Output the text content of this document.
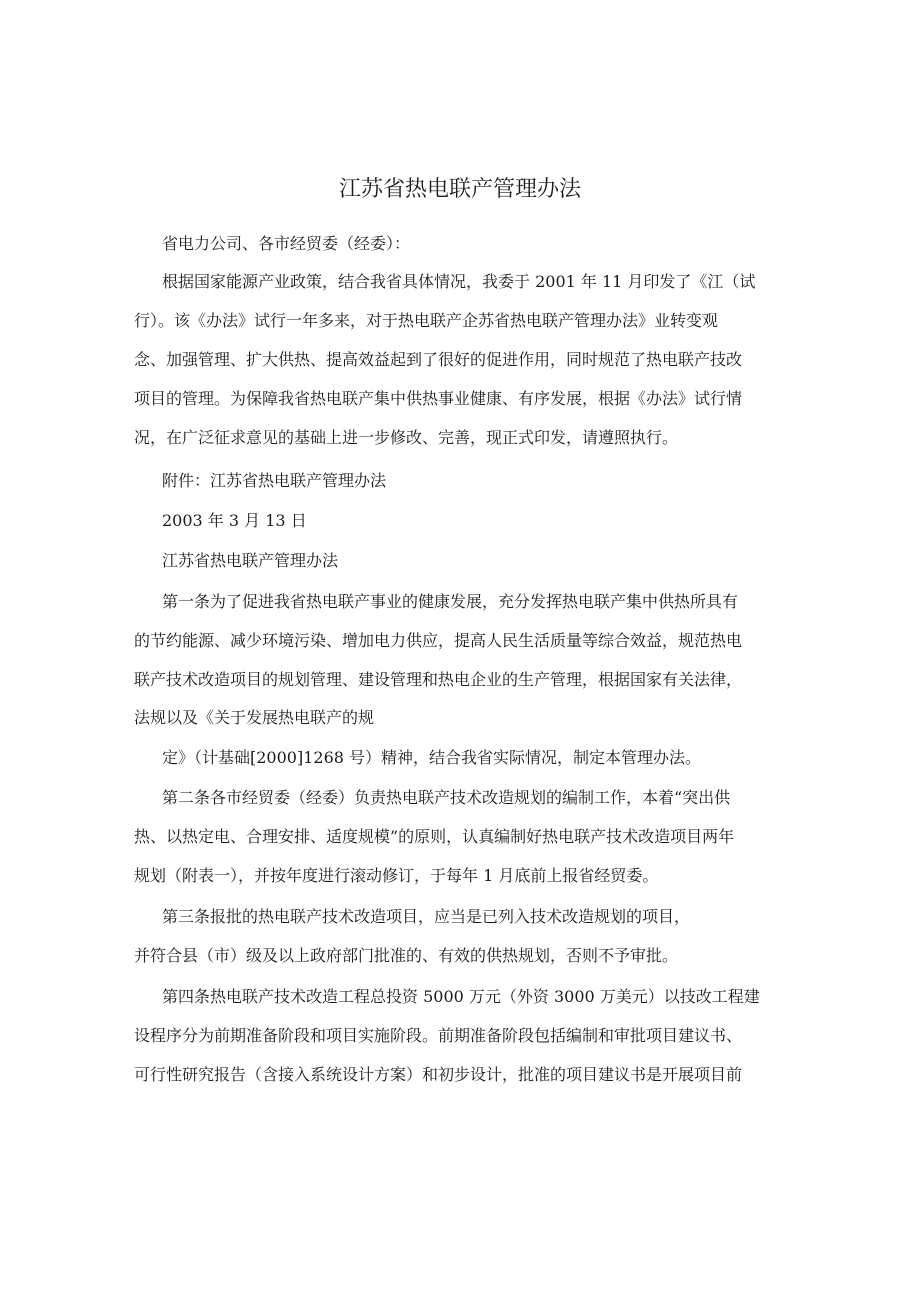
江苏省热电联产管理办法
省电力公司、各市经贸委（经委）：
根据国家能源产业政策，结合我省具体情况，我委于 2001 年 11 月印发了《江（试
行）。该《办法》试行一年多来，对于热电联产企苏省热电联产管理办法》业转变观
念、加强管理、扩大供热、提高效益起到了很好的促进作用，同时规范了热电联产技改
项目的管理。为保障我省热电联产集中供热事业健康、有序发展，根据《办法》试行情
况，在广泛征求意见的基础上进一步修改、完善，现正式印发，请遵照执行。
附件：江苏省热电联产管理办法
2003 年 3 月 13 日
江苏省热电联产管理办法
第一条为了促进我省热电联产事业的健康发展，充分发挥热电联产集中供热所具有
的节约能源、减少环境污染、增加电力供应，提高人民生活质量等综合效益，规范热电
联产技术改造项目的规划管理、建设管理和热电企业的生产管理，根据国家有关法律，
法规以及《关于发展热电联产的规
定》（计基础[2000]1268 号）精神，结合我省实际情况，制定本管理办法。
第二条各市经贸委（经委）负责热电联产技术改造规划的编制工作，本着“突出供
热、以热定电、合理安排、适度规模”的原则，认真编制好热电联产技术改造项目两年
规划（附表一），并按年度进行滚动修订，于每年 1 月底前上报省经贸委。
第三条报批的热电联产技术改造项目，应当是已列入技术改造规划的项目，
并符合县（市）级及以上政府部门批准的、有效的供热规划，否则不予审批。
第四条热电联产技术改造工程总投资 5000 万元（外资 3000 万美元）以技改工程建
设程序分为前期准备阶段和项目实施阶段。前期准备阶段包括编制和审批项目建议书、
可行性研究报告（含接入系统设计方案）和初步设计，批准的项目建议书是开展项目前
